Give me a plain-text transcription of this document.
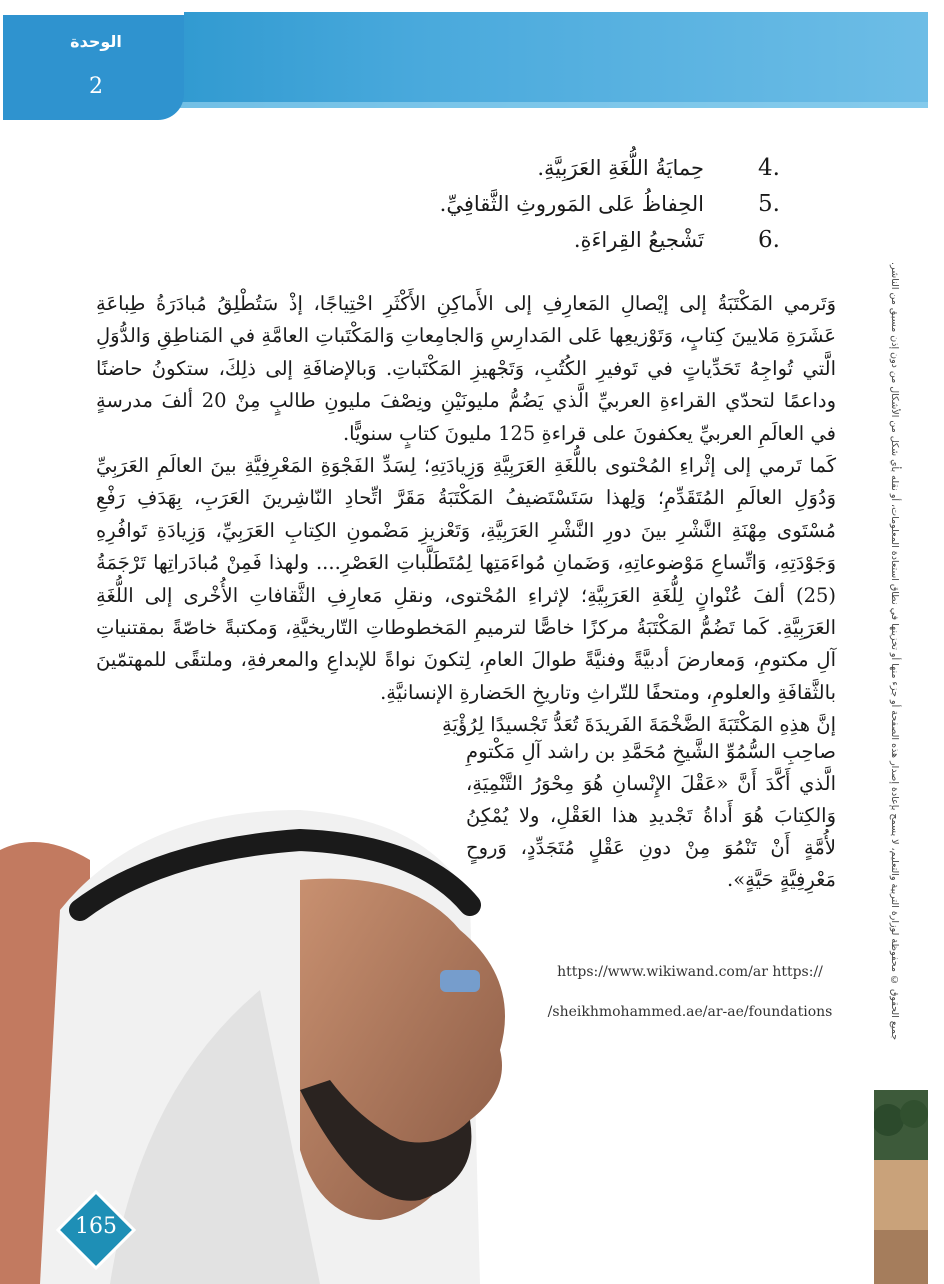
الوحدة
2
4.
حِمايَةُ اللُّغَةِ العَرَبِيَّةِ.
5.
الحِفاظُ عَلى المَوروثِ الثَّقافِيِّ.
6.
تَشْجيعُ القِراءَةِ.

وَتَرمي المَكْتَبَةُ إلى إيْصالِ المَعارِفِ إلى الأَماكِنِ الأَكْثَرِ احْتِياجًا، إذْ سَتُطْلِقُ مُبادَرَةُ طِباعَةِ عَشَرَةِ مَلايينَ كِتابٍ، وَتَوْزيعِها عَلى المَدارِسِ وَالجامِعاتِ وَالمَكْتَباتِ العامَّةِ في المَناطِقِ وَالدُّوَلِ الَّتي تُواجِهُ تَحَدِّياتٍ في تَوفيرِ الكُتُبِ، وَتَجْهيزِ المَكْتَباتِ. وَبالإضافَةِ إلى ذلِكَ، ستكونُ حاضنًا وداعمًا لتحدّي القراءةِ العربيِّ الَّذي يَضُمُّ مليونَيْنِ ونِصْفَ مليونِ طالبٍ مِنْ 20 ألفَ مدرسةٍ في العالَمِ العربيِّ يعكفونَ على قراءةِ 125 مليونَ كتابٍ سنويًّا.

كَما تَرمي إلى إثْراءِ المُحْتوى باللُّغَةِ العَرَبِيَّةِ وَزِيادَتِهِ؛ لِسَدِّ الفَجْوَةِ المَعْرِفِيَّةِ بينَ العالَمِ العَرَبِيِّ وَدُوَلِ العالَمِ المُتَقَدِّمِ؛ وَلِهذا سَتَسْتَضيفُ المَكْتَبَةُ مَقَرَّ اتِّحادِ النّاشِرينَ العَرَبِ، بِهَدَفِ رَفْعِ مُسْتَوى مِهْنَةِ النَّشْرِ بينَ دورِ النَّشْرِ العَرَبِيَّةِ، وَتَعْزيزِ مَضْمونِ الكِتابِ العَرَبِيِّ، وَزِيادَةِ تَوافُرِهِ وَجَوْدَتِهِ، وَاتِّساعِ مَوْضوعاتِهِ، وَضَمانِ مُواءَمَتِها لِمُتَطَلَّباتِ العَصْرِ.... ولهذا فَمِنْ مُبادَراتِها تَرْجَمَةُ (25) ألفَ عُنْوانٍ لِلُّغَةِ العَرَبِيَّةِ؛ لإثراءِ المُحْتوى، ونقلِ مَعارِفِ الثَّقافاتِ الأُخْرى إلى اللُّغَةِ العَرَبِيَّةِ. كَما تَضُمُّ المَكْتَبَةُ مركزًا خاصًّا لترميمِ المَخطوطاتِ التّاريخيَّةِ، وَمكتبةً خاصّةً بمقتنياتِ آلِ مكتومِ، وَمعارضَ أدبيَّةً وفنيَّةً طوالَ العامِ، لِتكونَ نواةً للإبداعِ والمعرفةِ، وملتقًى للمهتمّينَ بالثَّقافَةِ والعلومِ، ومتحفًا للتّراثِ وتاريخِ الحَضارةِ الإنسانيَّةِ.

إنَّ هذِهِ المَكْتَبَةَ الضَّخْمَةَ الفَريدَةَ تُعَدُّ تَجْسيدًا لِرُؤْيَةِ

صاحِبِ السُّمُوِّ الشَّيخِ مُحَمَّدِ بن راشد آلِ مَكْتومِ الَّذي أَكَّدَ أَنَّ «عَقْلَ الإِنْسانِ هُوَ مِحْوَرُ التَّنْمِيَةِ، وَالكِتابَ هُوَ أَداةُ تَجْديدِ هذا العَقْلِ، ولا يُمْكِنُ لأُمَّةٍ أَنْ تَنْمُوَ مِنْ دونِ عَقْلٍ مُتَجَدِّدٍ، وَروحٍ مَعْرِفِيَّةٍ حَيَّةٍ».

https://www.wikiwand.com/ar https://
/sheikhmohammed.ae/ar-ae/foundations	جميع الحقوق © محفوظة لوزارة التربية والتعليم، لا يسمح بإعادة إصدار هذه الصفحة أو جزء منها أو تخزينها في نطاق استعادة المعلومات، أو نقله بأي شكل من الأشكال من دون إذن مسبق من الناشر.
165
